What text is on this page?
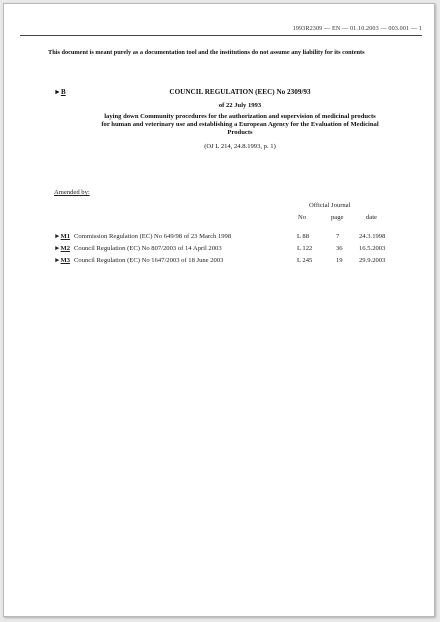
1993R2309 — EN — 01.10.2003 — 003.001 — 1
This document is meant purely as a documentation tool and the institutions do not assume any liability for its contents
►B	COUNCIL REGULATION (EEC) No 2309/93
of 22 July 1993
laying down Community procedures for the authorization and supervision of medicinal products for human and veterinary use and establishing a European Agency for the Evaluation of Medicinal Products
(OJ L 214, 24.8.1993, p. 1)
Amended by:
Official Journal
No	page	date
►M1 Commission Regulation (EC) No 649/98 of 23 March 1998	L 88	7	24.3.1998
►M2 Council Regulation (EC) No 807/2003 of 14 April 2003	L 122	36 16.5.2003
►M3 Council Regulation (EC) No 1647/2003 of 18 June 2003	L 245	19 29.9.2003
